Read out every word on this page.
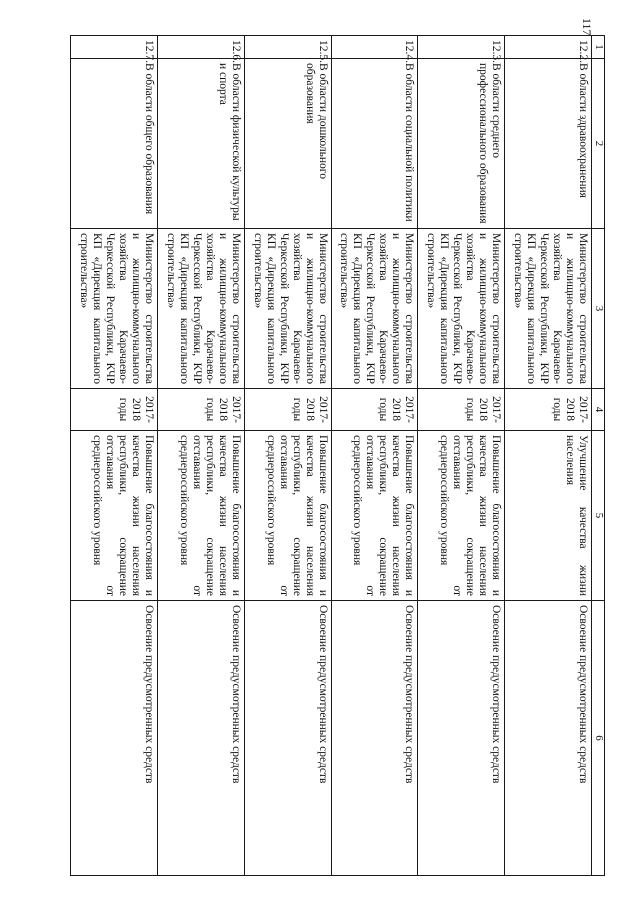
117
1	2	3	4	5	6
12.2.	В области здравоохранения	Министерство строительства и жилищно-коммунального хозяйства Карачаево-Черкесской Республики, КЧР КП «Дирекция капитального строительства»	2017-2018 годы	Улучшение качества жизни населения	Освоение предусмотренных средств
12.3.	В области среднего профессионального образования	Министерство строительства и жилищно-коммунального хозяйства Карачаево-Черкесской Республики, КЧР КП «Дирекция капитального строительства»	2017-2018 годы	Повышение благосостояния и качества жизни населения республики, сокращение отставания от среднероссийского уровня	Освоение предусмотренных средств
12.4.	В области социальной политики	Министерство строительства и жилищно-коммунального хозяйства Карачаево-Черкесской Республики, КЧР КП «Дирекция капитального строительства»	2017-2018 годы	Повышение благосостояния и качества жизни населения республики, сокращение отставания от среднероссийского уровня	Освоение предусмотренных средств
12.5.	В области дошкольного образования	Министерство строительства и жилищно-коммунального хозяйства Карачаево-Черкесской Республики, КЧР КП «Дирекция капитального строительства»	2017-2018 годы	Повышение благосостояния и качества жизни населения республики, сокращение отставания от среднероссийского уровня	Освоение предусмотренных средств
12.6.	В области физической культуры и спорта	Министерство строительства и жилищно-коммунального хозяйства Карачаево-Черкесской Республики, КЧР КП «Дирекция капитального строительства»	2017-2018 годы	Повышение благосостояния и качества жизни населения республики, сокращение отставания от среднероссийского уровня	Освоение предусмотренных средств
12.7.	В области общего образования	Министерство строительства и жилищно-коммунального хозяйства Карачаево-Черкесской Республики, КЧР КП «Дирекция капитального строительства»	2017-2018 годы	Повышение благосостояния и качества жизни населения республики, сокращение отставания от среднероссийского уровня	Освоение предусмотренных средств
